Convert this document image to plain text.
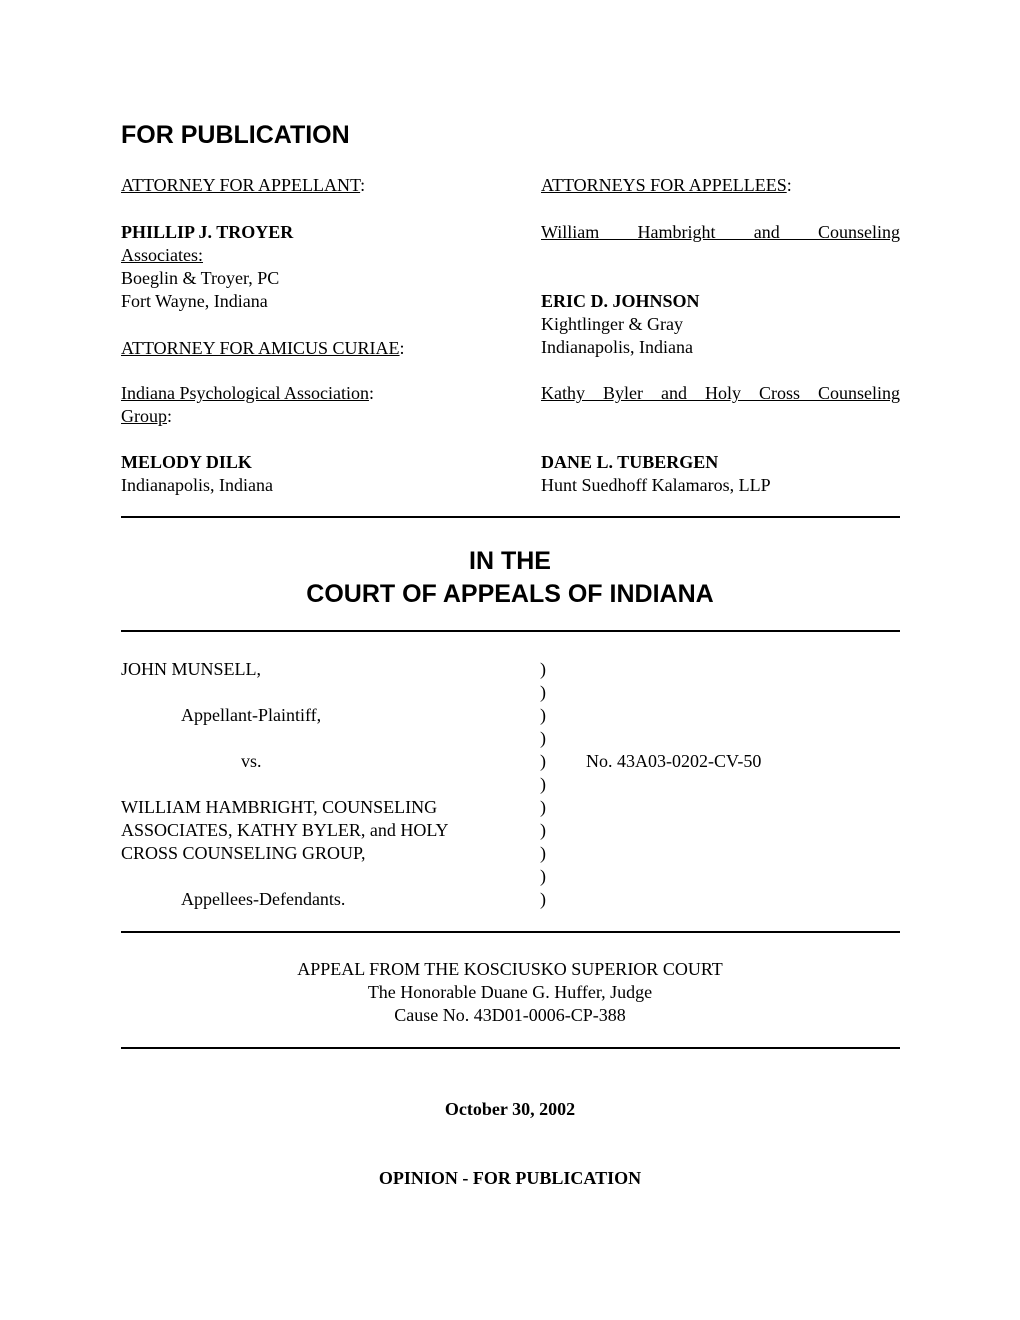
FOR PUBLICATION
ATTORNEY FOR APPELLANT:
PHILLIP J. TROYER
Associates:
Boeglin & Troyer, PC
Fort Wayne, Indiana
ATTORNEY FOR AMICUS CURIAE:
Indiana Psychological Association:
MELODY DILK
Indianapolis, Indiana
ATTORNEYS FOR APPELLEES:
William Hambright and Counseling
ERIC D. JOHNSON
Kightlinger & Gray
Indianapolis, Indiana
Kathy Byler and Holy Cross Counseling
Group:
DANE L. TUBERGEN
Hunt Suedhoff Kalamaros, LLP
IN THE
COURT OF APPEALS OF INDIANA
JOHN MUNSELL,
Appellant-Plaintiff,
vs.
WILLIAM HAMBRIGHT, COUNSELING
ASSOCIATES, KATHY BYLER, and HOLY
CROSS COUNSELING GROUP,
Appellees-Defendants.
)
)
)
)
)
)
)
)
)
)
)
No. 43A03-0202-CV-50
APPEAL FROM THE KOSCIUSKO SUPERIOR COURT
The Honorable Duane G. Huffer, Judge
Cause No. 43D01-0006-CP-388
October 30, 2002
OPINION - FOR PUBLICATION
